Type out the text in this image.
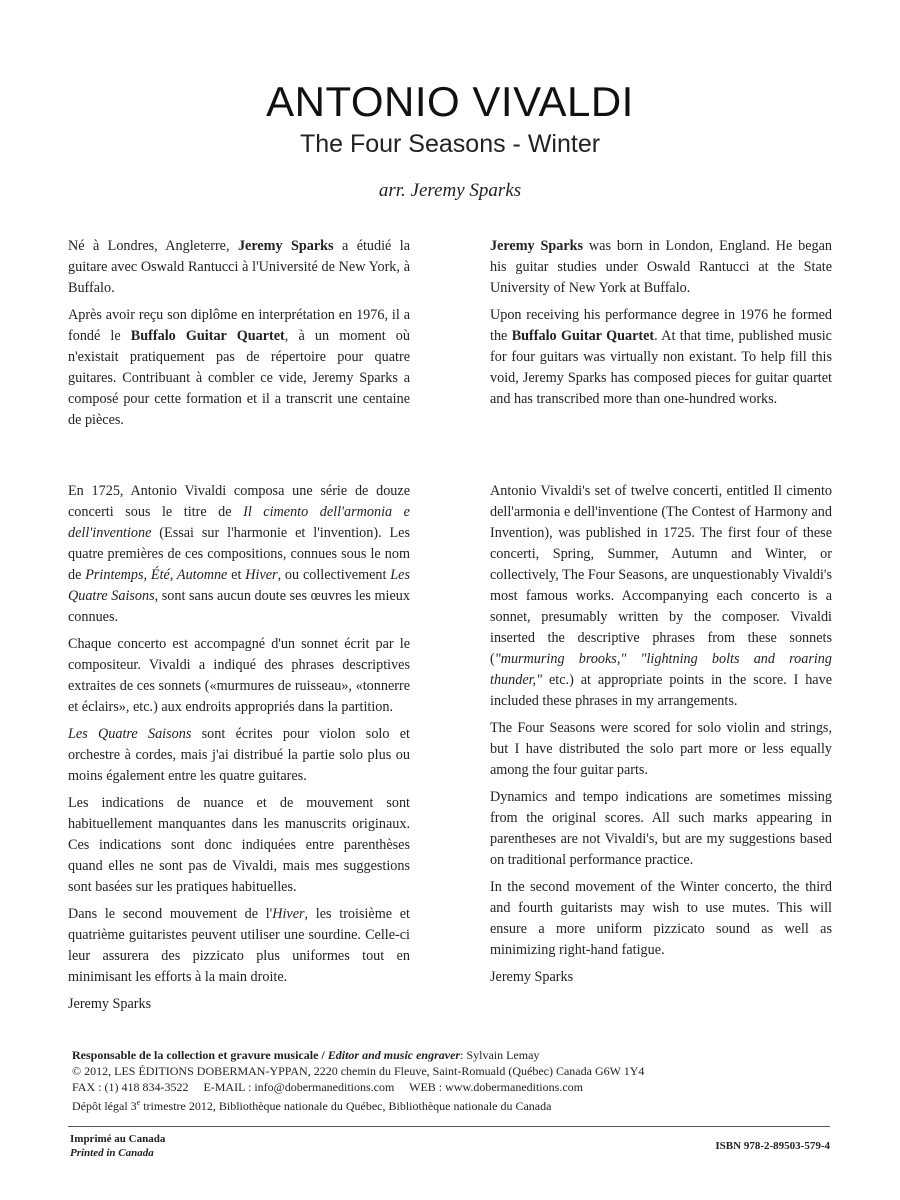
ANTONIO VIVALDI
The Four Seasons - Winter
arr. Jeremy Sparks

Né à Londres, Angleterre, Jeremy Sparks a étudié la guitare avec Oswald Rantucci à l'Université de New York, à Buffalo.

Après avoir reçu son diplôme en interprétation en 1976, il a fondé le Buffalo Guitar Quartet, à un moment où n'existait pratiquement pas de répertoire pour quatre guitares. Contribuant à combler ce vide, Jeremy Sparks a composé pour cette formation et il a transcrit une centaine de pièces.

Jeremy Sparks was born in London, England. He began his guitar studies under Oswald Rantucci at the State University of New York at Buffalo.

Upon receiving his performance degree in 1976 he formed the Buffalo Guitar Quartet. At that time, published music for four guitars was virtually non existant. To help fill this void, Jeremy Sparks has composed pieces for guitar quartet and has transcribed more than one-hundred works.

En 1725, Antonio Vivaldi composa une série de douze concerti sous le titre de Il cimento dell'armonia e dell'inventione (Essai sur l'harmonie et l'invention). Les quatre premières de ces compositions, connues sous le nom de Printemps, Été, Automne et Hiver, ou collectivement Les Quatre Saisons, sont sans aucun doute ses œuvres les mieux connues.

Chaque concerto est accompagné d'un sonnet écrit par le compositeur. Vivaldi a indiqué des phrases descriptives extraites de ces sonnets («murmures de ruisseau», «tonnerre et éclairs», etc.) aux endroits appropriés dans la partition.

Les Quatre Saisons sont écrites pour violon solo et orchestre à cordes, mais j'ai distribué la partie solo plus ou moins également entre les quatre guitares.

Les indications de nuance et de mouvement sont habituellement manquantes dans les manuscrits originaux. Ces indications sont donc indiquées entre parenthèses quand elles ne sont pas de Vivaldi, mais mes suggestions sont basées sur les pratiques habituelles.

Dans le second mouvement de l'Hiver, les troisième et quatrième guitaristes peuvent utiliser une sourdine. Celle-ci leur assurera des pizzicato plus uniformes tout en minimisant les efforts à la main droite.

Jeremy Sparks

Antonio Vivaldi's set of twelve concerti, entitled Il cimento dell'armonia e dell'inventione (The Contest of Harmony and Invention), was published in 1725. The first four of these concerti, Spring, Summer, Autumn and Winter, or collectively, The Four Seasons, are unquestionably Vivaldi's most famous works. Accompanying each concerto is a sonnet, presumably written by the composer. Vivaldi inserted the descriptive phrases from these sonnets ("murmuring brooks," "lightning bolts and roaring thunder," etc.) at appropriate points in the score. I have included these phrases in my arrangements.

The Four Seasons were scored for solo violin and strings, but I have distributed the solo part more or less equally among the four guitar parts.

Dynamics and tempo indications are sometimes missing from the original scores. All such marks appearing in parentheses are not Vivaldi's, but are my suggestions based on traditional performance practice.

In the second movement of the Winter concerto, the third and fourth guitarists may wish to use mutes. This will ensure a more uniform pizzicato sound as well as minimizing right-hand fatigue.

Jeremy Sparks

Responsable de la collection et gravure musicale / Editor and music engraver: Sylvain Lemay
© 2012, LES ÉDITIONS DOBERMAN-YPPAN, 2220 chemin du Fleuve, Saint-Romuald (Québec) Canada G6W 1Y4
FAX : (1) 418 834-3522     E-MAIL : info@dobermaneditions.com     WEB : www.dobermaneditions.com
Dépôt légal 3e trimestre 2012, Bibliothèque nationale du Québec, Bibliothèque nationale du Canada
Imprimé au Canada
Printed in Canada
ISBN 978-2-89503-579-4
